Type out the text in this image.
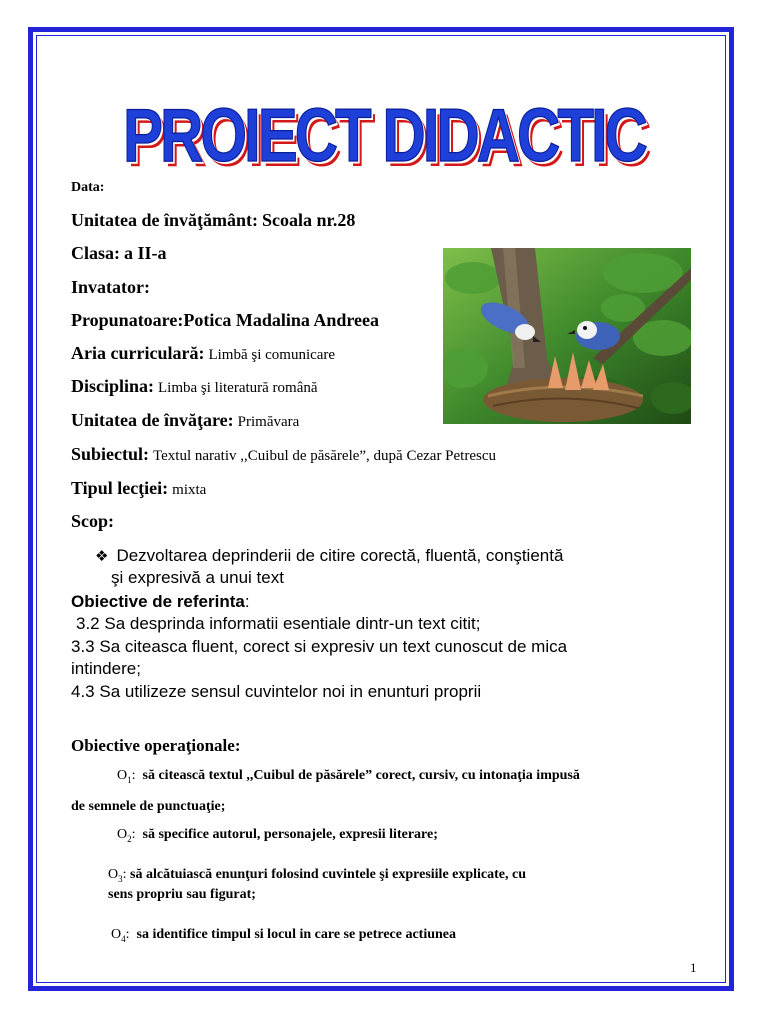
PROIECT DIDACTIC
Data:
Unitatea de învăţământ: Scoala nr.28
Clasa: a II-a
Invatator:
Propunatoare:Potica Madalina Andreea
Aria curriculară: Limbă şi comunicare
Disciplina: Limba şi literatură română
Unitatea de învăţare: Primăvara
Subiectul: Textul narativ ,,Cuibul de păsărele”, după Cezar Petrescu
Tipul lecţiei: mixta
Scop:
❖ Dezvoltarea deprinderii de citire corectă, fluentă, conştientă
şi expresivă a unui text
Obiective de referinta:
3.2 Sa desprinda informatii esentiale dintr-un text citit;
3.3 Sa citeasca fluent, corect si expresiv un text cunoscut de mica
intindere;
4.3 Sa utilizeze sensul cuvintelor noi in enunturi proprii
Obiective operaţionale:
$O_1$: să citească textul ,,Cuibul de păsărele” corect, cursiv, cu intonaţia impusă
de semnele de punctuaţie;
$O_2$: să specifice autorul, personajele, expresii literare;
$O_3$: să alcătuiască enunţuri folosind cuvintele şi expresiile explicate, cu
sens propriu sau figurat;
$O_4$: sa identifice timpul si locul in care se petrece actiunea
1
